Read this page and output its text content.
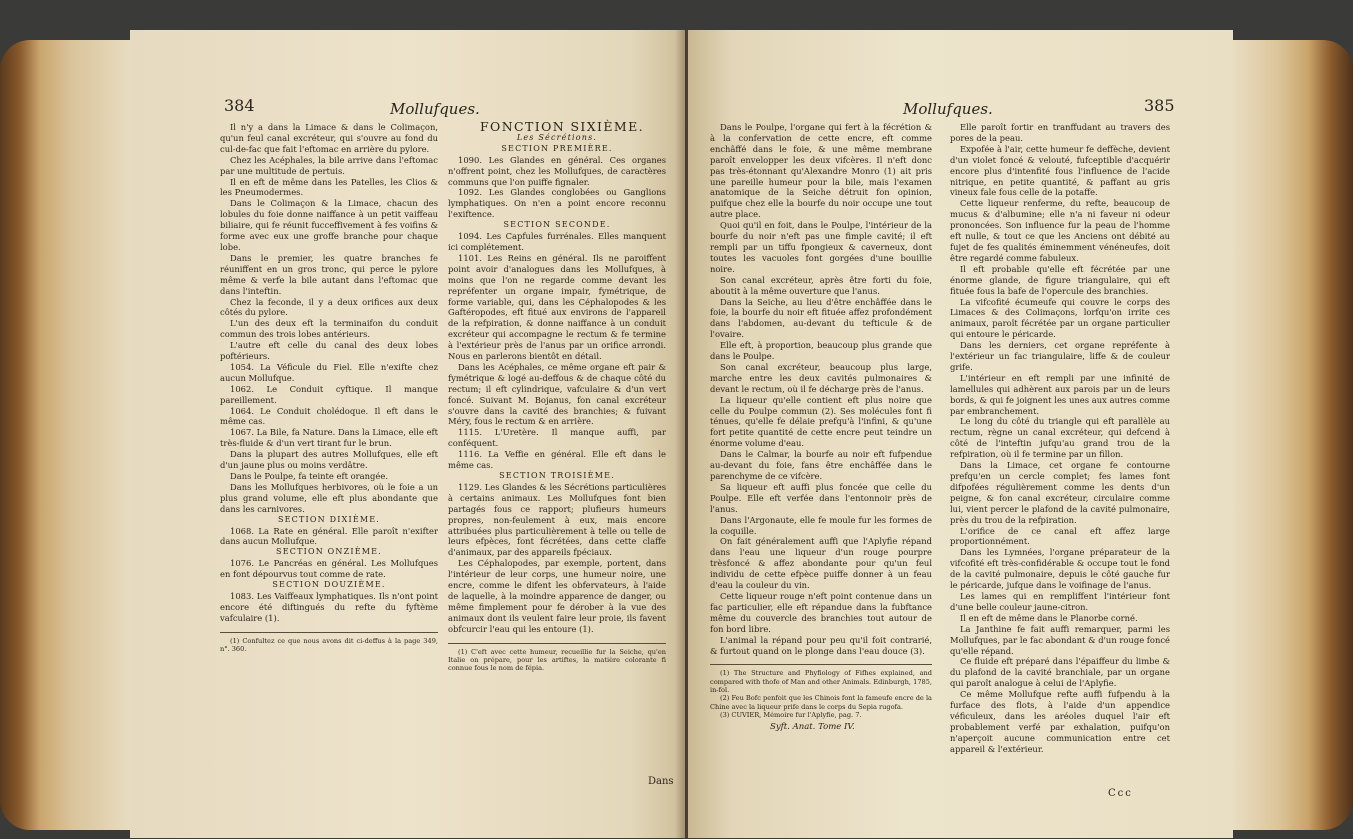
384	Mollufques.

Il n'y a dans la Limace & dans le Colimaçon, qu'un feul canal excréteur, qui s'ouvre au fond du cul-de-fac que fait l'eftomac en arrière du pylore.

Chez les Acéphales, la bile arrive dans l'eftomac par une multitude de pertuis.

Il en eft de même dans les Patelles, les Clios & les Pneumodermes.

Dans le Colimaçon & la Limace, chacun des lobules du foie donne naiffance à un petit vaiffeau biliaire, qui fe réunit fucceffivement à fes voifins & forme avec eux une groffe branche pour chaque lobe.

Dans le premier, les quatre branches fe réuniffent en un gros tronc, qui perce le pylore même & verfe la bile autant dans l'eftomac que dans l'inteftin.

Chez la feconde, il y a deux orifices aux deux côtés du pylore.

L'un des deux eft la terminaifon du conduit commun des trois lobes antérieurs.

L'autre eft celle du canal des deux lobes poftérieurs.

1054. La Véficule du Fiel. Elle n'exifte chez aucun Mollufque.

1062. Le Conduit cyftique. Il manque pareillement.

1064. Le Conduit cholédoque. Il eft dans le même cas.

1067. La Bile, fa Nature. Dans la Limace, elle eft très-fluide & d'un vert tirant fur le brun.

Dans la plupart des autres Mollufques, elle eft d'un jaune plus ou moins verdâtre.

Dans le Poulpe, fa teinte eft orangée.

Dans les Mollufques herbivores, où le foie a un plus grand volume, elle eft plus abondante que dans les carnivores.

SECTION DIXIÈME.

1068. La Rate en général. Elle paroît n'exifter dans aucun Mollufque.

SECTION ONZIÈME.

1076. Le Pancréas en général. Les Mollufques en font dépourvus tout comme de rate.

SECTION DOUZIÈME.

1083. Les Vaiffeaux lymphatiques. Ils n'ont point encore été diftingués du refte du fyftème vafculaire (1).

(1) Confultez ce que nous avons dit ci-deffus à la page 349, n°. 360.

FONCTION SIXIÈME.

Les Sécrétions.

SECTION PREMIÈRE.

1090. Les Glandes en général. Ces organes n'offrent point, chez les Mollufques, de caractères communs que l'on puiffe fignaler.

1092. Les Glandes conglobées ou Ganglions lymphatiques. On n'en a point encore reconnu l'exiftence.

SECTION SECONDE.

1094. Les Capfules furrénales. Elles manquent ici complétement.

1101. Les Reins en général. Ils ne paroiffent point avoir d'analogues dans les Mollufques, à moins que l'on ne regarde comme devant les repréfenter un organe impair, fymétrique, de forme variable, qui, dans les Céphalopodes & les Gaftéropodes, eft fitué aux environs de l'appareil de la refpiration, & donne naiffance à un conduit excréteur qui accompagne le rectum & fe termine à l'extérieur près de l'anus par un orifice arrondi. Nous en parlerons bientôt en détail.

Dans les Acéphales, ce même organe eft pair & fymétrique & logé au-deffous & de chaque côté du rectum; il eft cylindrique, vafculaire & d'un vert foncé. Suivant M. Bojanus, fon canal excréteur s'ouvre dans la cavité des branchies; & fuivant Méry, fous le rectum & en arrière.

1115. L'Uretère. Il manque auffi, par conféquent.

1116. La Veffie en général. Elle eft dans le même cas.

SECTION TROISIÈME.

1129. Les Glandes & les Sécrétions particulières à certains animaux. Les Mollufques font bien partagés fous ce rapport; plufieurs humeurs propres, non-feulement à eux, mais encore attribuées plus particulièrement à telle ou telle de leurs efpèces, font fécrétées, dans cette claffe d'animaux, par des appareils fpéciaux.

Les Céphalopodes, par exemple, portent, dans l'intérieur de leur corps, une humeur noire, une encre, comme le difent les obfervateurs, à l'aide de laquelle, à la moindre apparence de danger, ou même fimplement pour fe dérober à la vue des animaux dont ils veulent faire leur proie, ils favent obfcurcir l'eau qui les entoure (1).

(1) C'eft avec cette humeur, recueillie fur la Seiche, qu'en Italie on prépare, pour les artiftes, la matière colorante fi connue fous le nom de fépia.

Dans
Mollufques.	385

Dans le Poulpe, l'organe qui fert à la fécrétion & à la confervation de cette encre, eft comme enchâffé dans le foie, & une même membrane paroît envelopper les deux vifcères. Il n'eft donc pas très-étonnant qu'Alexandre Monro (1) ait pris une pareille humeur pour la bile, mais l'examen anatomique de la Seiche détruit fon opinion, puifque chez elle la bourfe du noir occupe une tout autre place.

Quoi qu'il en foit, dans le Poulpe, l'intérieur de la bourfe du noir n'eft pas une fimple cavité; il eft rempli par un tiffu fpongieux & caverneux, dont toutes les vacuoles font gorgées d'une bouillie noire.

Son canal excréteur, après être forti du foie, aboutit à la même ouverture que l'anus.

Dans la Seiche, au lieu d'être enchâffée dans le foie, la bourfe du noir eft fituée affez profondément dans l'abdomen, au-devant du tefticule & de l'ovaire.

Elle eft, à proportion, beaucoup plus grande que dans le Poulpe.

Son canal excréteur, beaucoup plus large, marche entre les deux cavités pulmonaires & devant le rectum, où il fe décharge près de l'anus.

La liqueur qu'elle contient eft plus noire que celle du Poulpe commun (2). Ses molécules font fi ténues, qu'elle fe délaie prefqu'à l'infini, & qu'une fort petite quantité de cette encre peut teindre un énorme volume d'eau.

Dans le Calmar, la bourfe au noir eft fufpendue au-devant du foie, fans être enchâffée dans le parenchyme de ce vifcère.

Sa liqueur eft auffi plus foncée que celle du Poulpe. Elle eft verfée dans l'entonnoir près de l'anus.

Dans l'Argonaute, elle fe moule fur les formes de la coquille.

On fait généralement auffi que l'Aplyfie répand dans l'eau une liqueur d'un rouge pourpre trèsfoncé & affez abondante pour qu'un feul individu de cette efpèce puiffe donner à un feau d'eau la couleur du vin.

Cette liqueur rouge n'eft point contenue dans un fac particulier, elle eft répandue dans la fubftance même du couvercle des branchies tout autour de fon bord libre.

L'animal la répand pour peu qu'il foit contrarié, & furtout quand on le plonge dans l'eau douce (3).

(1) The Structure and Phyfiology of Fifhes explained, and compared with thofe of Man and other Animals. Edinburgh, 1785, in-fol.

(2) Feu Bofc penfoit que les Chinois font la fameufe encre de la Chine avec la liqueur prife dans le corps du Sepia rugofa.

(3) CUVIER, Mémoire fur l'Aplyfie, pag. 7.

Syft. Anat. Tome IV.

Elle paroît fortir en tranffudant au travers des pores de la peau.

Expofée à l'air, cette humeur fe deffèche, devient d'un violet foncé & velouté, fufceptible d'acquérir encore plus d'intenfité fous l'influence de l'acide nitrique, en petite quantité, & paffant au gris vineux fale fous celle de la potaffe.

Cette liqueur renferme, du refte, beaucoup de mucus & d'albumine; elle n'a ni faveur ni odeur prononcées. Son influence fur la peau de l'homme eft nulle, & tout ce que les Anciens ont débité au fujet de fes qualités éminemment vénéneufes, doit être regardé comme fabuleux.

Il eft probable qu'elle eft fécrétée par une énorme glande, de figure triangulaire, qui eft fituée fous la bafe de l'opercule des branchies.

La vifcofité écumeufe qui couvre le corps des Limaces & des Colimaçons, lorfqu'on irrite ces animaux, paroît fécrétée par un organe particulier qui entoure le péricarde.

Dans les derniers, cet organe repréfente à l'extérieur un fac triangulaire, liffe & de couleur grife.

L'intérieur en eft rempli par une infinité de lamellules qui adhèrent aux parois par un de leurs bords, & qui fe joignent les unes aux autres comme par embranchement.

Le long du côté du triangle qui eft parallèle au rectum, règne un canal excréteur, qui defcend à côté de l'inteftin jufqu'au grand trou de la refpiration, où il fe termine par un fillon.

Dans la Limace, cet organe fe contourne prefqu'en un cercle complet; fes lames font difpofées régulièrement comme les dents d'un peigne, & fon canal excréteur, circulaire comme lui, vient percer le plafond de la cavité pulmonaire, près du trou de la refpiration.

L'orifice de ce canal eft affez large proportionnément.

Dans les Lymnées, l'organe préparateur de la vifcofité eft très-confidérable & occupe tout le fond de la cavité pulmonaire, depuis le côté gauche fur le péricarde, jufque dans le voifinage de l'anus.

Les lames qui en rempliffent l'intérieur font d'une belle couleur jaune-citron.

Il en eft de même dans le Planorbe corné.

La Janthine fe fait auffi remarquer, parmi les Mollufques, par le fac abondant & d'un rouge foncé qu'elle répand.

Ce fluide eft préparé dans l'épaiffeur du limbe & du plafond de la cavité branchiale, par un organe qui paroît analogue à celui de l'Aplyfie.

Ce même Mollufque refte auffi fufpendu à la furface des flots, à l'aide d'un appendice véficuleux, dans les aréoles duquel l'air eft probablement verfé par exhalation, puifqu'on n'aperçoit aucune communication entre cet appareil & l'extérieur.

Ccc
